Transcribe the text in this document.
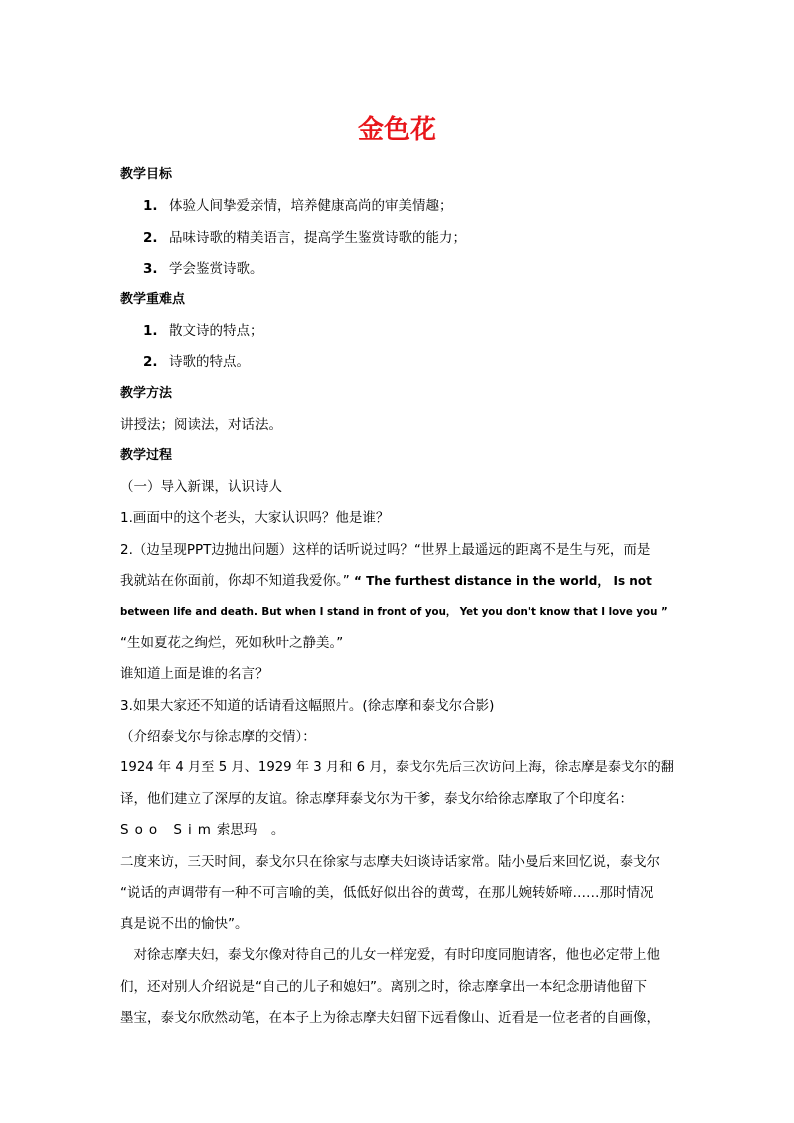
金色花
教学目标
1. 体验人间挚爱亲情，培养健康高尚的审美情趣；
2. 品味诗歌的精美语言，提高学生鉴赏诗歌的能力；
3. 学会鉴赏诗歌。
教学重难点
1. 散文诗的特点；
2. 诗歌的特点。
教学方法
讲授法；阅读法，对话法。
教学过程
（一）导入新课，认识诗人
1.画面中的这个老头，大家认识吗？他是谁？
2.（边呈现PPT边抛出问题）这样的话听说过吗？“世界上最遥远的距离不是生与死，而是
我就站在你面前，你却不知道我爱你。” “ The furthest distance in the world， Is not
between life and death. But when I stand in front of you， Yet you don't know that I love you ”
“生如夏花之绚烂，死如秋叶之静美。”
谁知道上面是谁的名言？
3.如果大家还不知道的话请看这幅照片。(徐志摩和泰戈尔合影)
（介绍泰戈尔与徐志摩的交情）：
1924 年 4 月至 5 月、1929 年 3 月和 6 月，泰戈尔先后三次访问上海，徐志摩是泰戈尔的翻
译，他们建立了深厚的友谊。徐志摩拜泰戈尔为干爹，泰戈尔给徐志摩取了个印度名：
Soo Sim索思玛　。
二度来访，三天时间，泰戈尔只在徐家与志摩夫妇谈诗话家常。陆小曼后来回忆说，泰戈尔
“说话的声调带有一种不可言喻的美，低低好似出谷的黄莺，在那儿婉转娇啼……那时情况
真是说不出的愉快”。
　对徐志摩夫妇，泰戈尔像对待自己的儿女一样宠爱，有时印度同胞请客，他也必定带上他
们，还对别人介绍说是“自己的儿子和媳妇”。离别之时，徐志摩拿出一本纪念册请他留下
墨宝，泰戈尔欣然动笔，在本子上为徐志摩夫妇留下远看像山、近看是一位老者的自画像，
